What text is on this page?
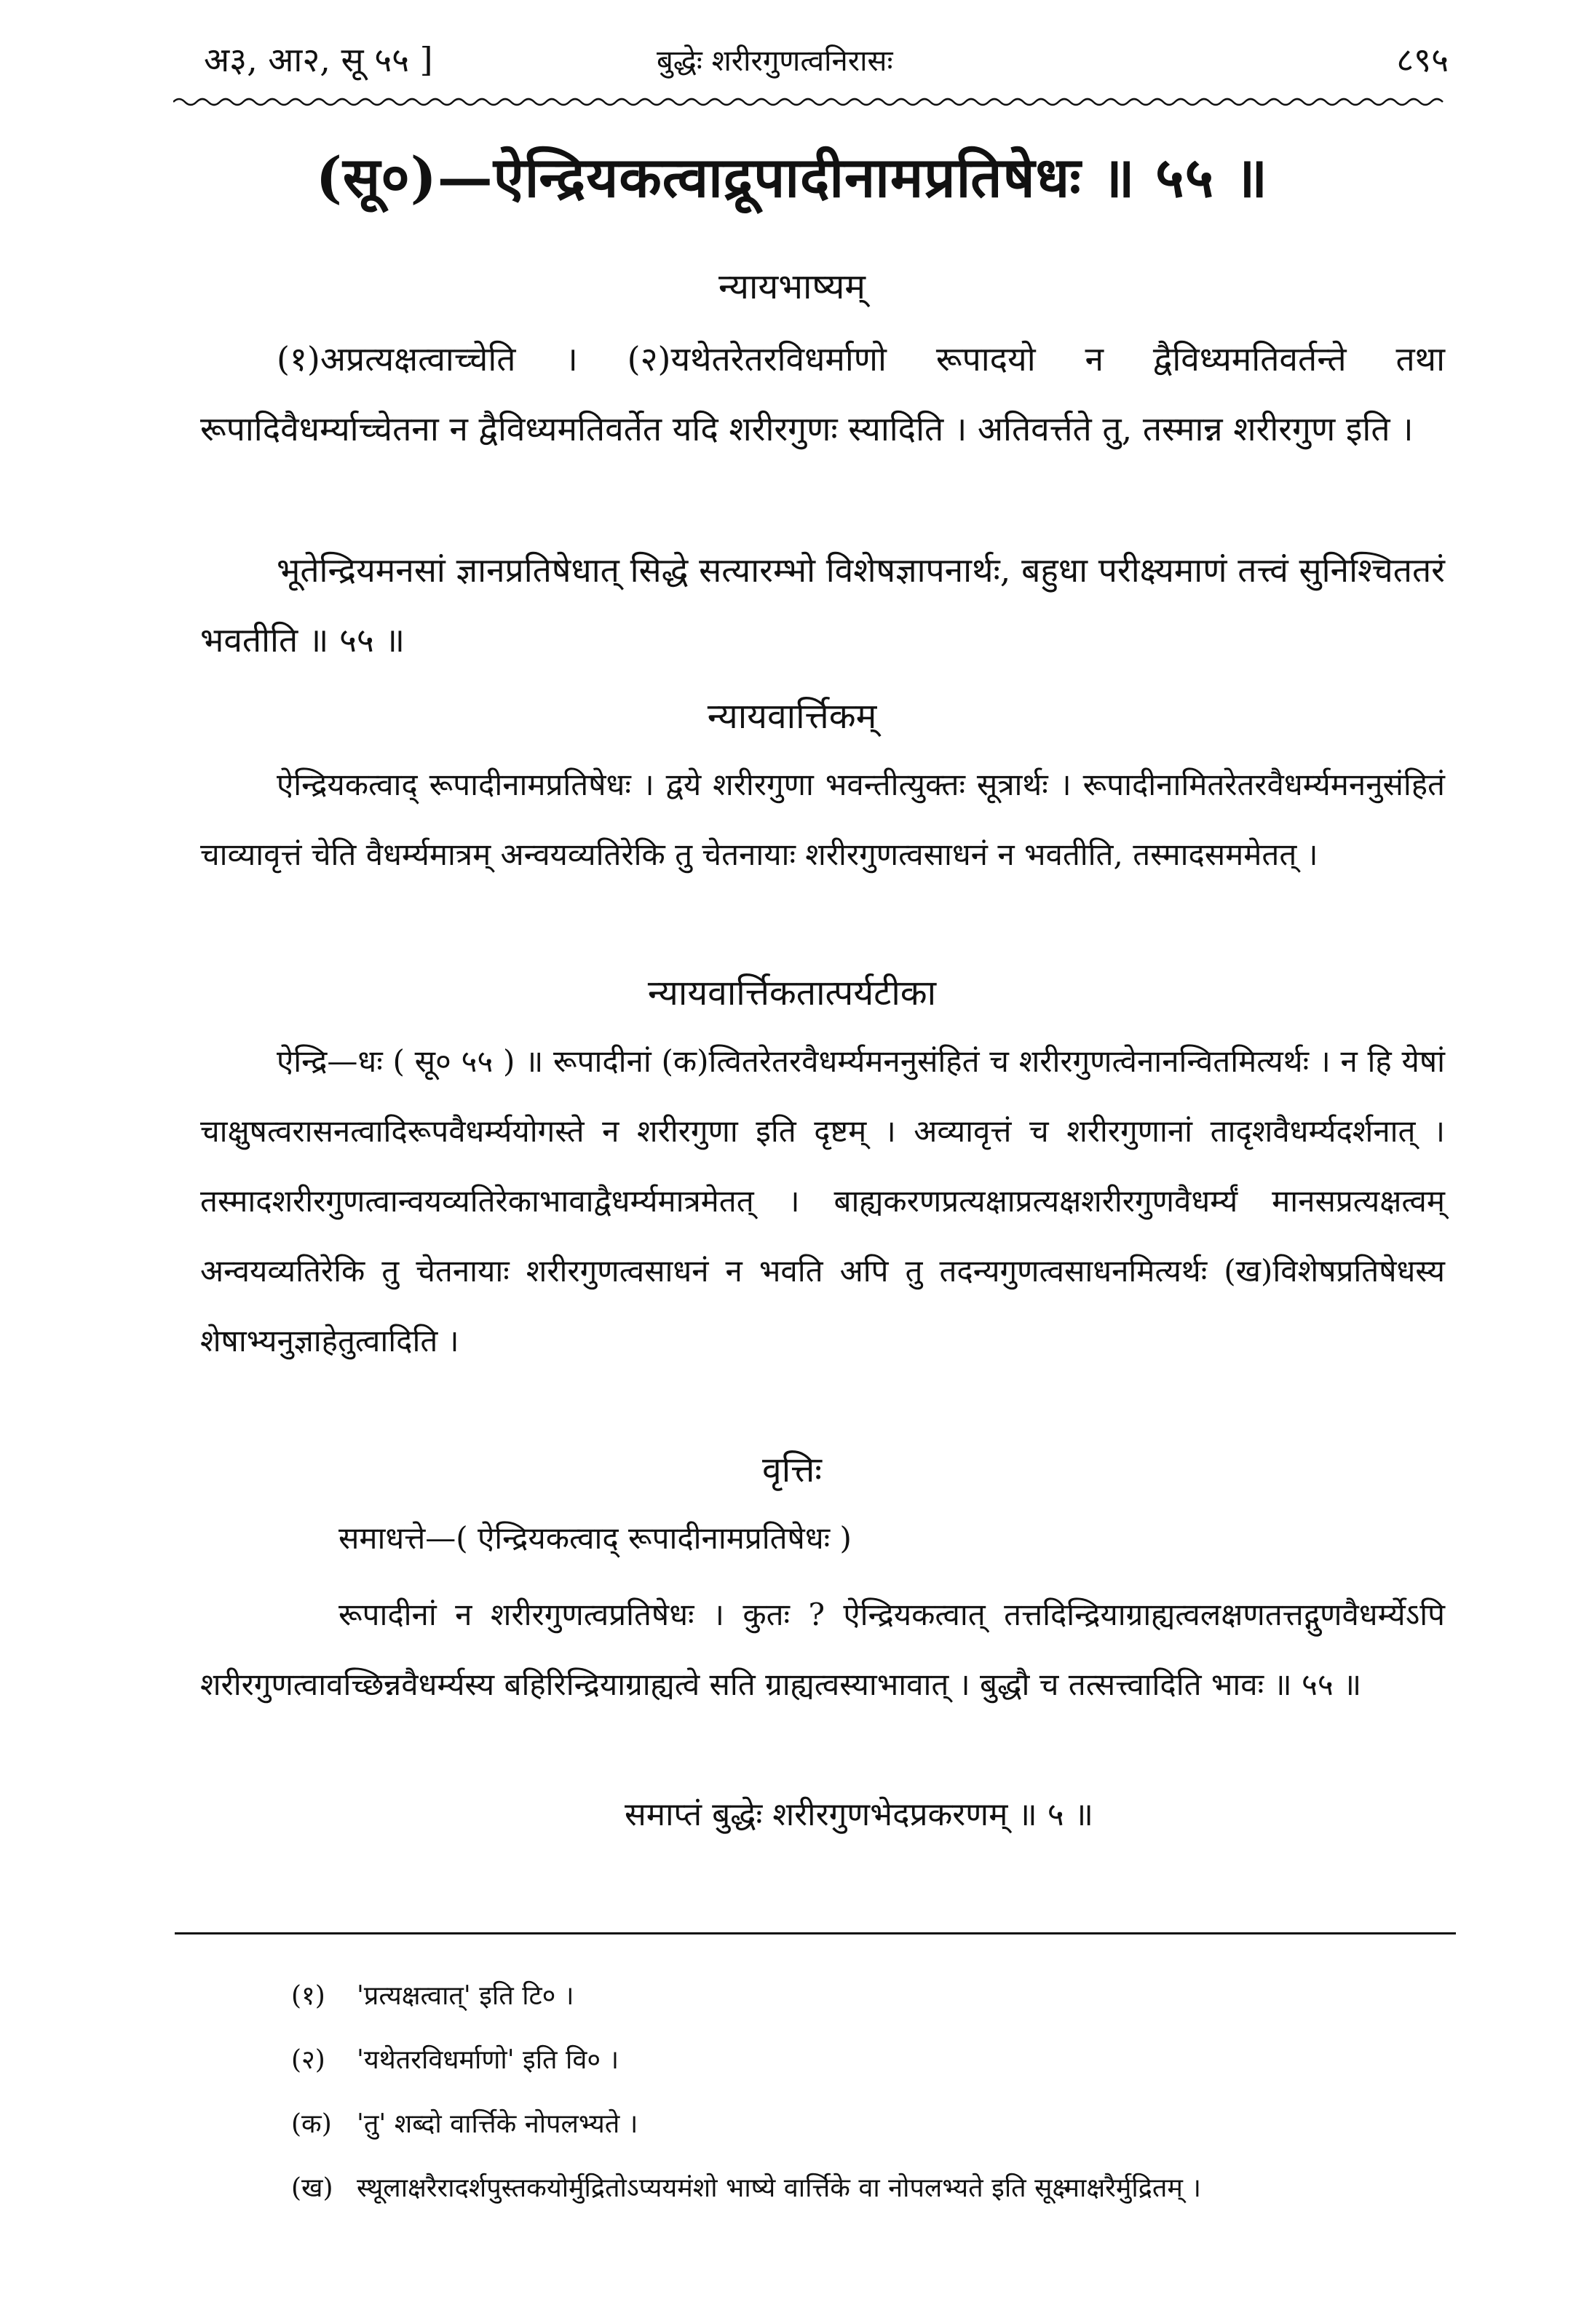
अ३, आ२, सू ५५ ]	बुद्धेः शरीरगुणत्वनिरासः	८९५
(सू०)—ऐन्द्रियकत्वाद्रूपादीनामप्रतिषेधः ॥ ५५ ॥
न्यायभाष्यम्
(१)अप्रत्यक्षत्वाच्चेति । (२)यथेतरेतरविधर्माणो रूपादयो न द्वैविध्यमतिवर्तन्ते तथा रूपादिवैधर्म्याच्चेतना न द्वैविध्यमतिवर्तेत यदि शरीरगुणः स्यादिति । अतिवर्त्तते तु, तस्मान्न शरीरगुण इति ।
भूतेन्द्रियमनसां ज्ञानप्रतिषेधात् सिद्धे सत्यारम्भो विशेषज्ञापनार्थः, बहुधा परीक्ष्यमाणं तत्त्वं सुनिश्चिततरं भवतीति ॥ ५५ ॥
न्यायवार्त्तिकम्
ऐन्द्रियकत्वाद् रूपादीनामप्रतिषेधः । द्वये शरीरगुणा भवन्तीत्युक्तः सूत्रार्थः । रूपादीनामितरेतरवैधर्म्यमननुसंहितं चाव्यावृत्तं चेति वैधर्म्यमात्रम् अन्वयव्यतिरेकि तु चेतनायाः शरीरगुणत्वसाधनं न भवतीति, तस्मादसममेतत् ।
न्यायवार्त्तिकतात्पर्यटीका
ऐन्द्रि—धः ( सू० ५५ ) ॥ रूपादीनां (क)त्वितरेतरवैधर्म्यमननुसंहितं च शरीरगुणत्वेनानन्वितमित्यर्थः । न हि येषां चाक्षुषत्वरासनत्वादिरूपवैधर्म्ययोगस्ते न शरीरगुणा इति दृष्टम् । अव्यावृत्तं च शरीरगुणानां तादृशवैधर्म्यदर्शनात् । तस्मादशरीरगुणत्वान्वयव्यतिरेकाभावाद्वैधर्म्यमात्रमेतत् । बाह्यकरणप्रत्यक्षाप्रत्यक्षशरीरगुणवैधर्म्यं मानसप्रत्यक्षत्वम् अन्वयव्यतिरेकि तु चेतनायाः शरीरगुणत्वसाधनं न भवति अपि तु तदन्यगुणत्वसाधनमित्यर्थः (ख)विशेषप्रतिषेधस्य शेषाभ्यनुज्ञाहेतुत्वादिति ।
वृत्तिः
समाधत्ते—( ऐन्द्रियकत्वाद् रूपादीनामप्रतिषेधः )
रूपादीनां न शरीरगुणत्वप्रतिषेधः । कुतः ? ऐन्द्रियकत्वात् तत्तदिन्द्रियाग्राह्यत्वलक्षणतत्तद्गुणवैधर्म्येऽपि शरीरगुणत्वावच्छिन्नवैधर्म्यस्य बहिरिन्द्रियाग्राह्यत्वे सति ग्राह्यत्वस्याभावात् । बुद्धौ च तत्सत्त्वादिति भावः ॥ ५५ ॥
समाप्तं बुद्धेः शरीरगुणभेदप्रकरणम् ॥ ५ ॥
(१) 'प्रत्यक्षत्वात्' इति टि० ।
(२) 'यथेतरविधर्माणो' इति वि० ।
(क) 'तु' शब्दो वार्त्तिके नोपलभ्यते ।
(ख) स्थूलाक्षरैरादर्शपुस्तकयोर्मुद्रितोऽप्ययमंशो भाष्ये वार्त्तिके वा नोपलभ्यते इति सूक्ष्माक्षरैर्मुद्रितम् ।
